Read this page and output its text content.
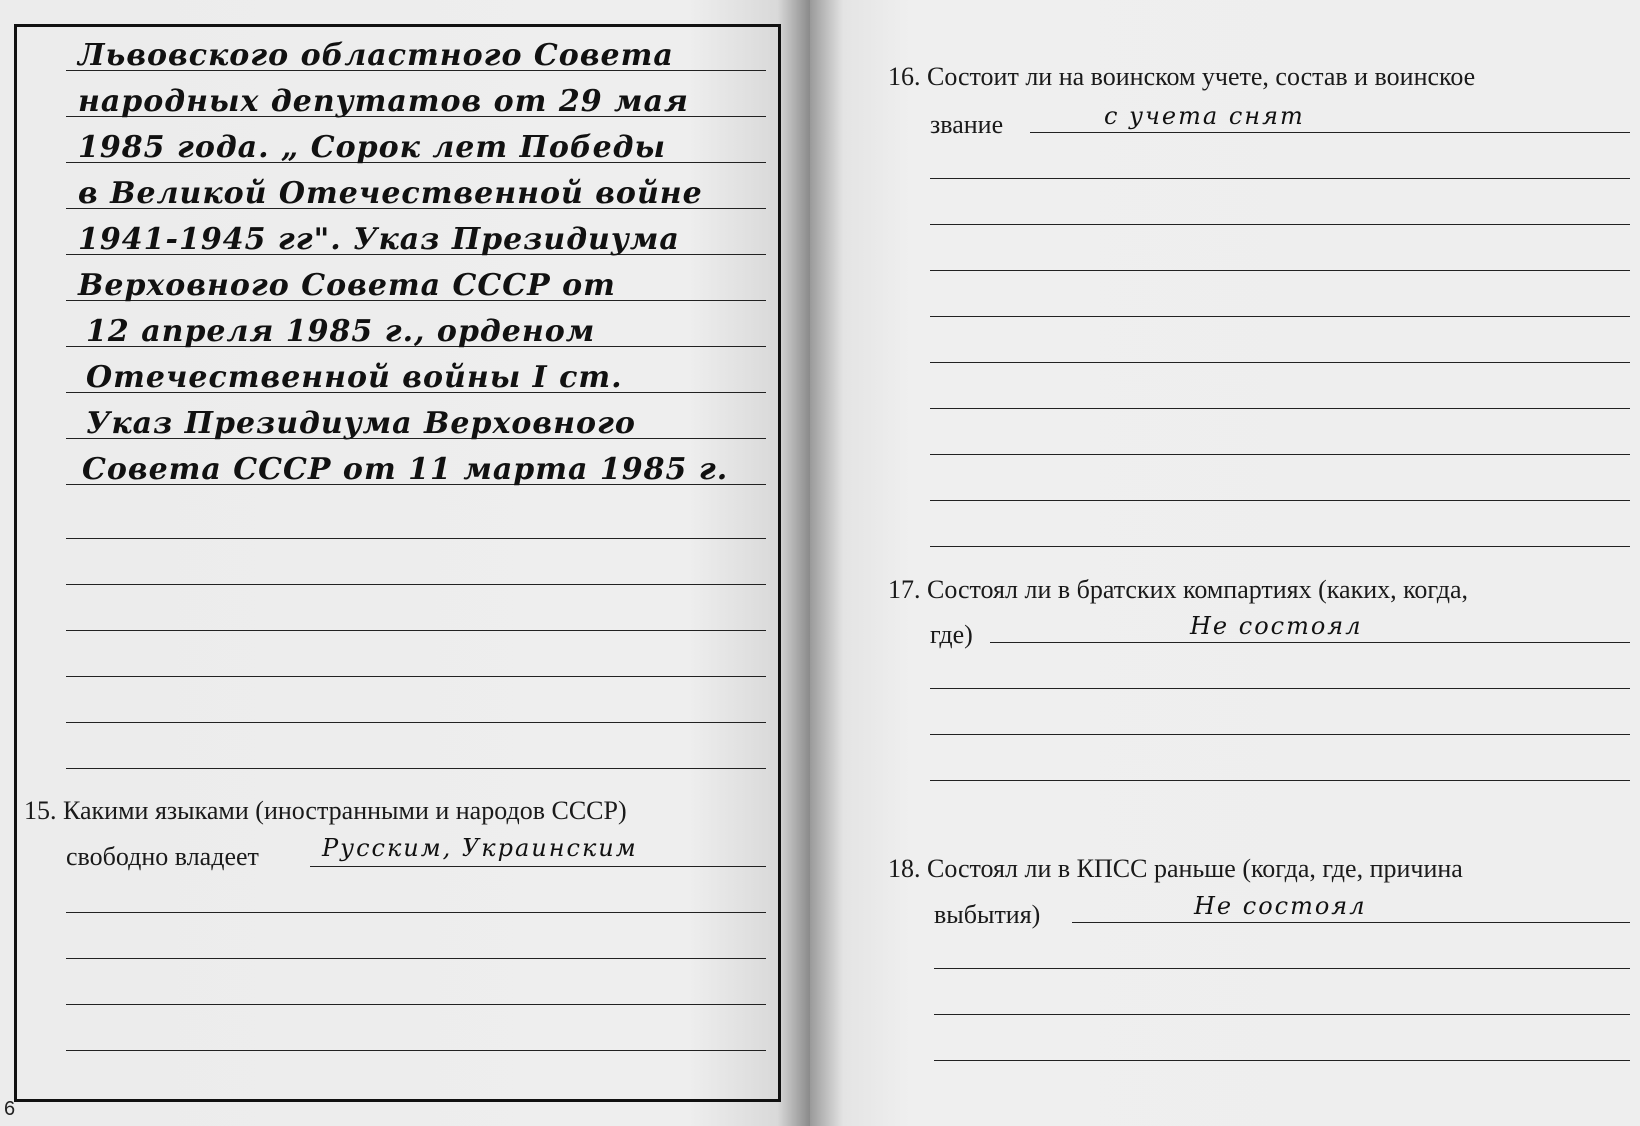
Львовского областного Совета
народных депутатов от 29 мая
1985 года. „ Сорок лет Победы
в Великой Отечественной войне
1941-1945 гг". Указ Президиума
Верховного Совета СССР от
12 апреля 1985 г., орденом
Отечественной войны I ст.
Указ Президиума Верховного
Совета СССР от 11 марта 1985 г.
15. Какими языками (иностранными и народов СССР)
свободно владеет	Русским, Украинским
6
16. Состоит ли на воинском учете, состав и воинское
звание	с учета снят
17. Состоял ли в братских компартиях (каких, когда,
где)	Не состоял
18. Состоял ли в КПСС раньше (когда, где, причина
выбытия)	Не состоял
